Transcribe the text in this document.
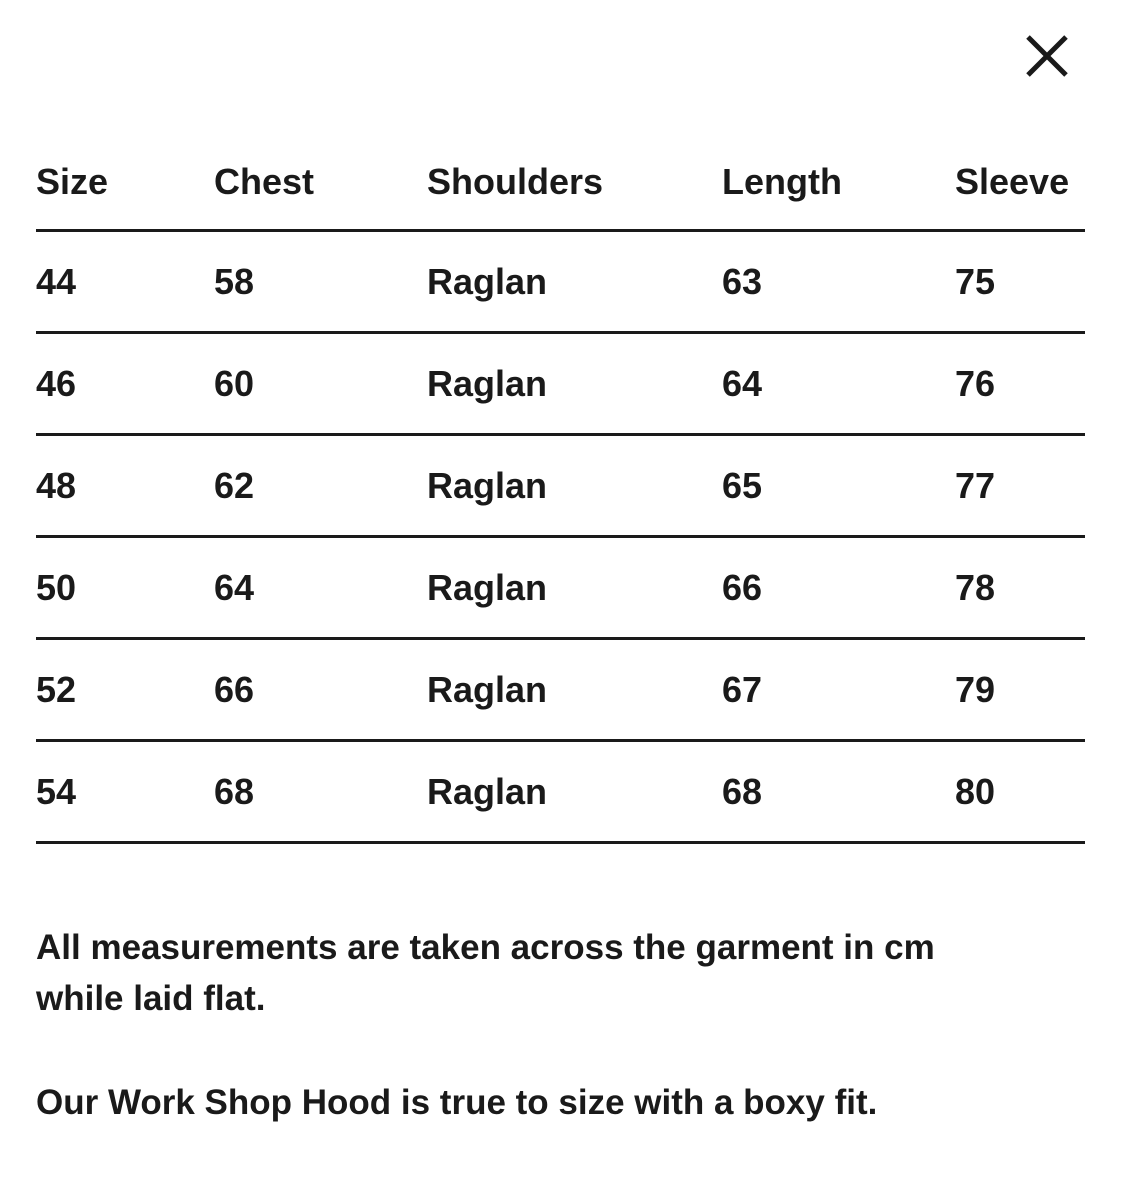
Size	Chest	Shoulders	Length	Sleeve
44	58	Raglan	63	75
46	60	Raglan	64	76
48	62	Raglan	65	77
50	64	Raglan	66	78
52	66	Raglan	67	79
54	68	Raglan	68	80

All measurements are taken across the garment in cm

while laid flat.

Our Work Shop Hood is true to size with a boxy fit.
